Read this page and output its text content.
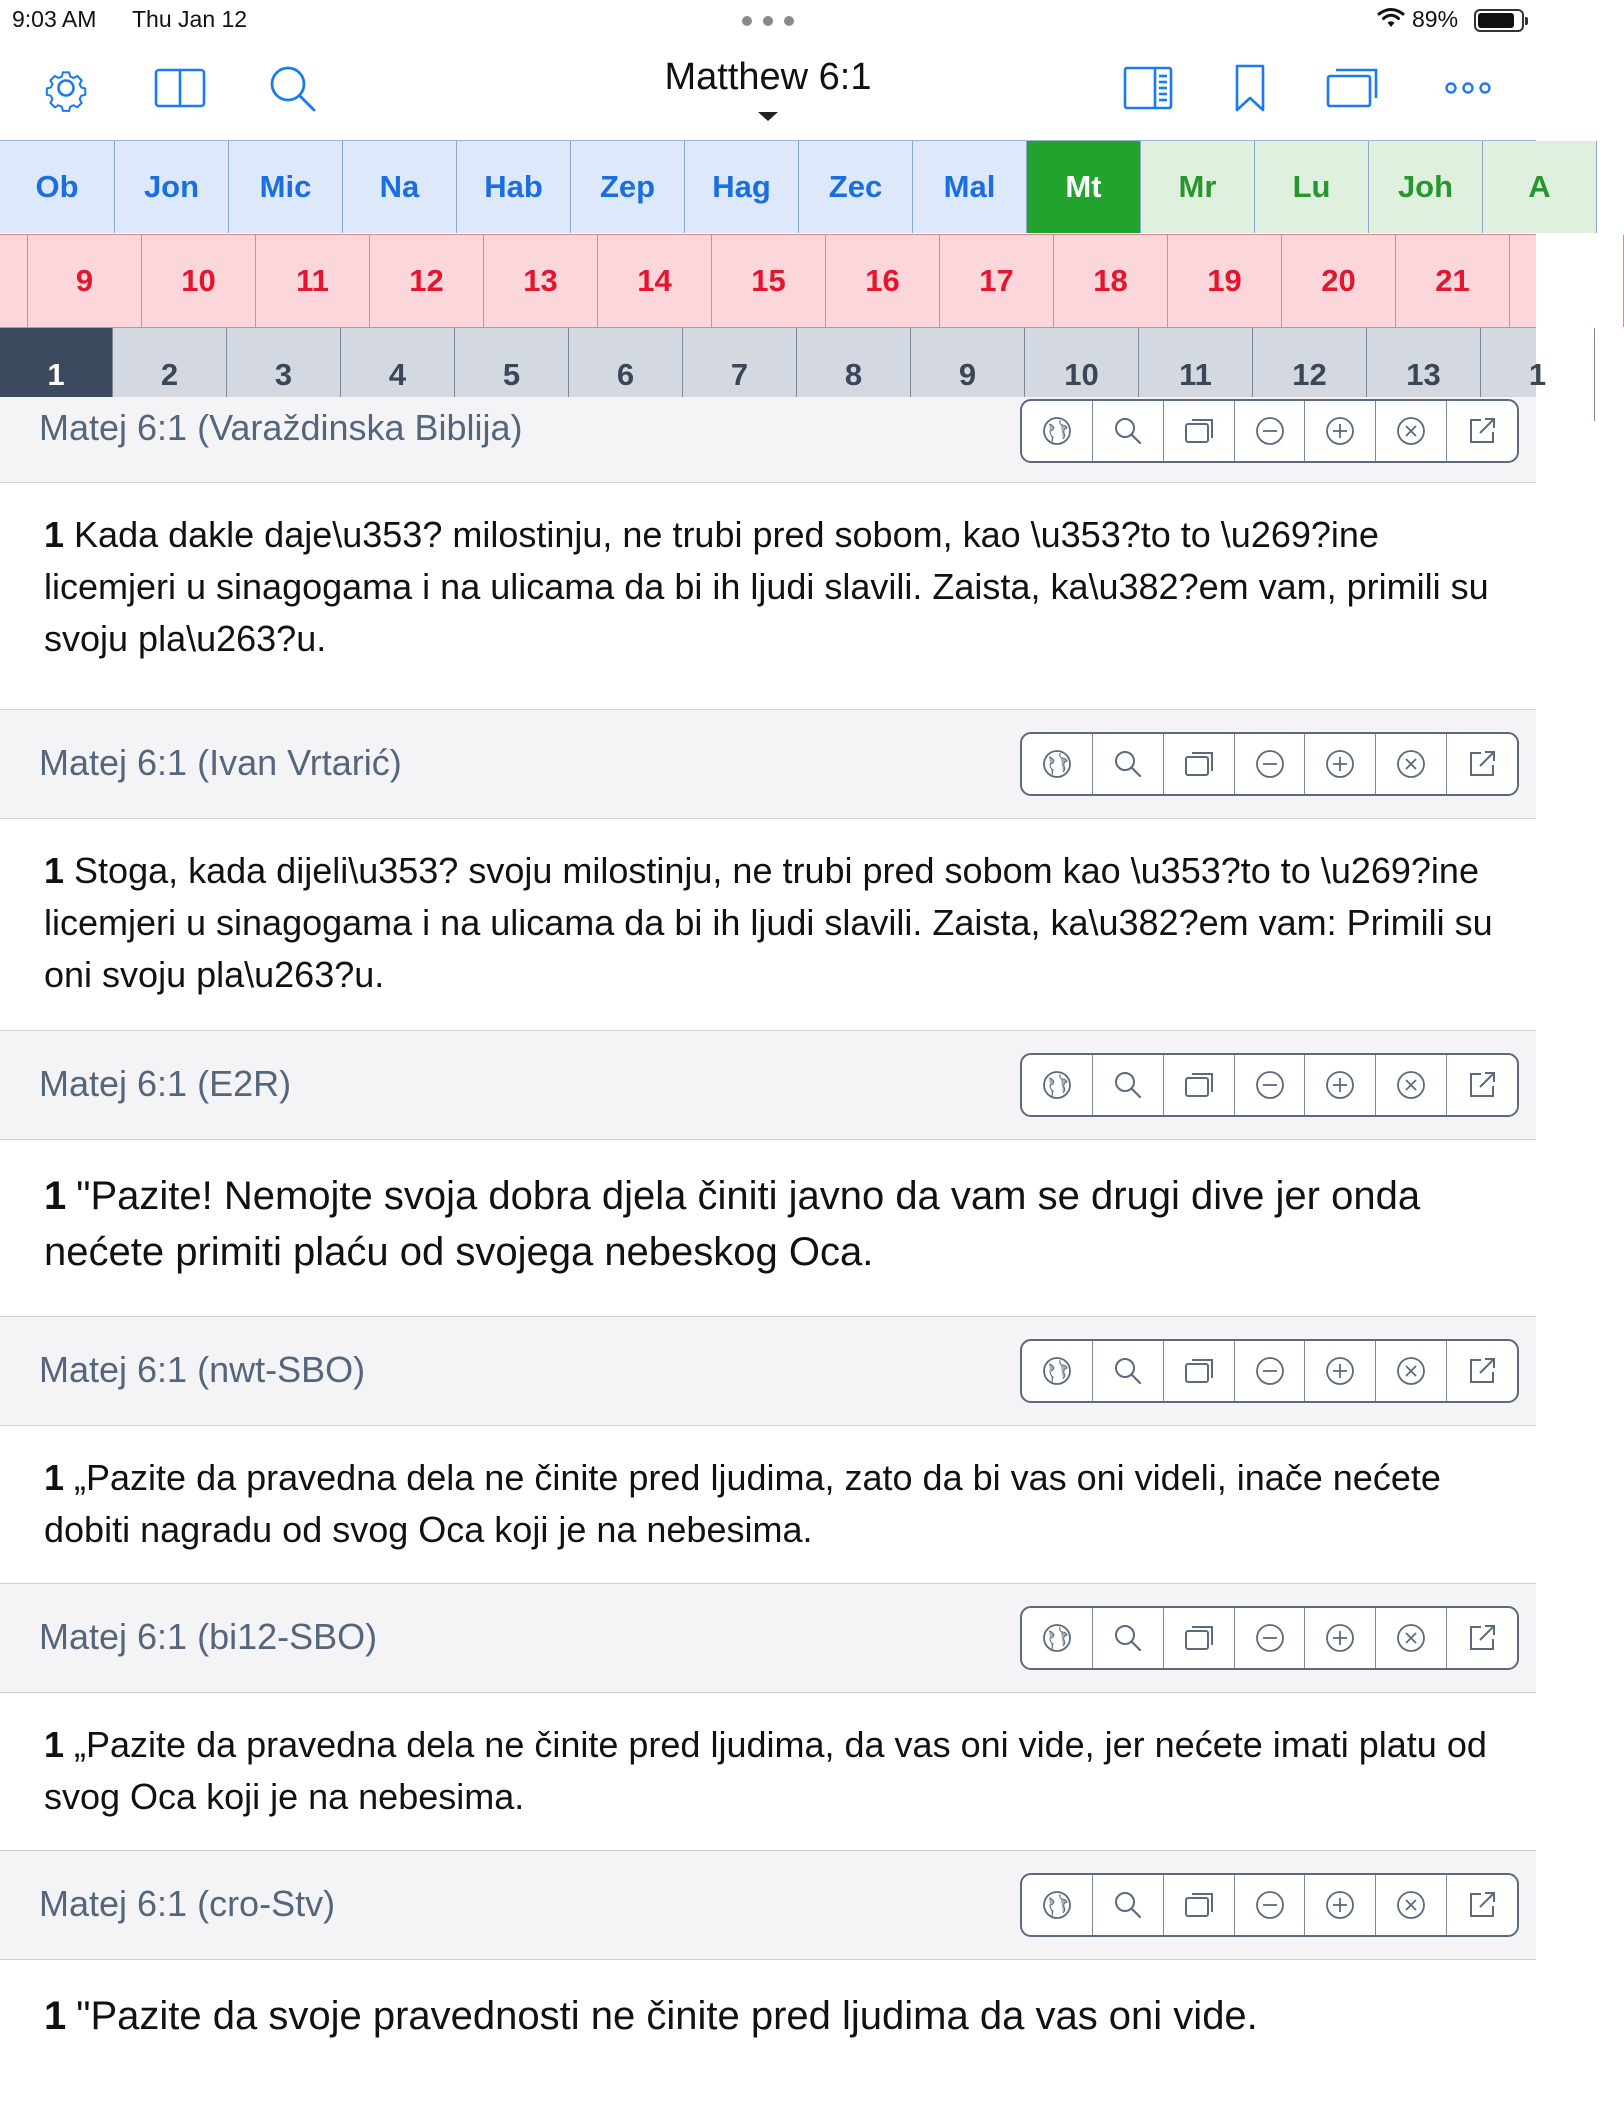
9:03 AM Thu Jan 12	89%
Matthew 6:1
Ob	Jon	Mic	Na	Hab	Zep	Hag	Zec	Mal	Mt	Mr	Lu	Joh	A
9	10	11	12	13	14	15	16	17	18	19	20	21
1	2	3	4	5	6	7	8	9	10	11	12	13	1
Matej 6:1 (Varaždinska Biblija)
1 Kada dakle daje\u353? milostinju, ne trubi pred sobom, kao \u353?to to \u269?ine licemjeri u sinagogama i na ulicama da bi ih ljudi slavili. Zaista, ka\u382?em vam, primili su svoju pla\u263?u.
Matej 6:1 (Ivan Vrtarić)
1 Stoga, kada dijeli\u353? svoju milostinju, ne trubi pred sobom kao \u353?to to \u269?ine licemjeri u sinagogama i na ulicama da bi ih ljudi slavili. Zaista, ka\u382?em vam: Primili su oni svoju pla\u263?u.
Matej 6:1 (E2R)
1 "Pazite! Nemojte svoja dobra djela činiti javno da vam se drugi dive jer onda nećete primiti plaću od svojega nebeskog Oca.
Matej 6:1 (nwt-SBO)
1 „Pazite da pravedna dela ne činite pred ljudima, zato da bi vas oni videli, inače nećete dobiti nagradu od svog Oca koji je na nebesima.
Matej 6:1 (bi12-SBO)
1 „Pazite da pravedna dela ne činite pred ljudima, da vas oni vide, jer nećete imati platu od svog Oca koji je na nebesima.
Matej 6:1 (cro-Stv)
1 "Pazite da svoje pravednosti ne činite pred ljudima da vas oni vide.
